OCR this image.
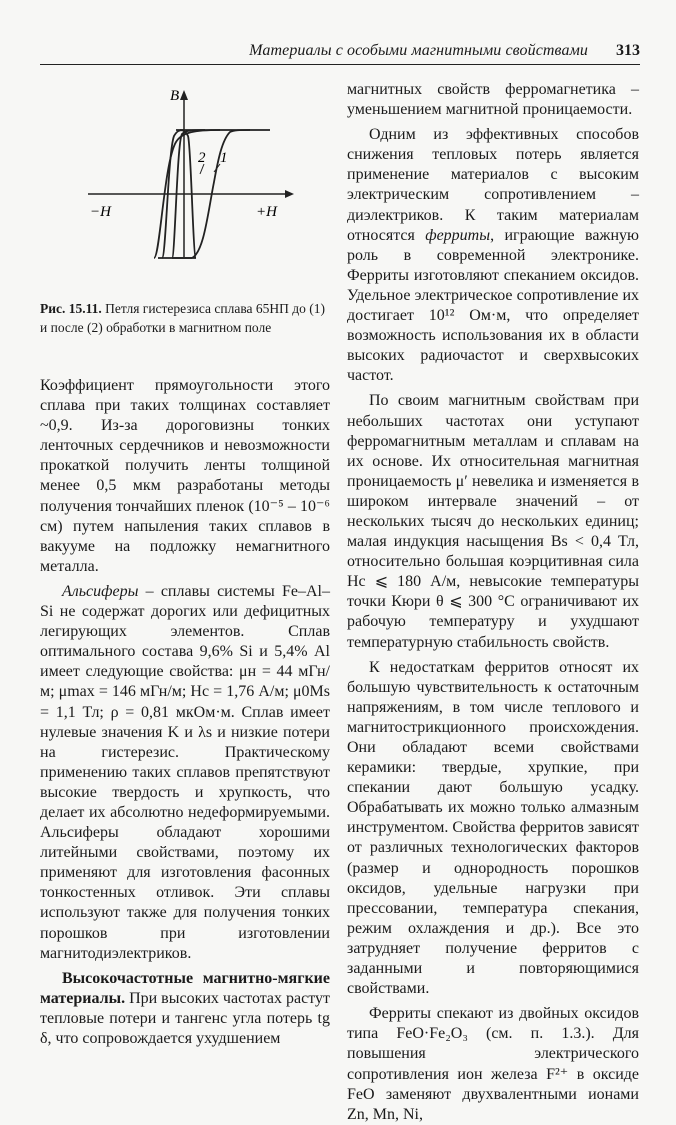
Материалы с особыми магнитными свойствами 313
2 1
B
−H	+H
Рис. 15.11. Петля гистерезиса сплава 65НП до (1) и после (2) обработки в магнитном поле

Коэффициент прямоугольности этого сплава при таких толщинах составляет ~0,9. Из-за дороговизны тонких ленточных сердечников и невозможности прокаткой получить ленты толщиной менее 0,5 мкм разработаны методы получения тончайших пленок (10⁻⁵ – 10⁻⁶ см) путем напыления таких сплавов в вакууме на подложку немагнитного металла.

Альсиферы – сплавы системы Fe–Al–Si не содержат дорогих или дефицитных легирующих элементов. Сплав оптимального состава 9,6% Si и 5,4% Al имеет следующие свойства: μн = 44 мГн/м; μmax = 146 мГн/м; Hc = 1,76 А/м; μ0Ms = 1,1 Тл; ρ = 0,81 мкОм·м. Сплав имеет нулевые значения K и λs и низкие потери на гистерезис. Практическому применению таких сплавов препятствуют высокие твердость и хрупкость, что делает их абсолютно недеформируемыми. Альсиферы обладают хорошими литейными свойствами, поэтому их применяют для изготовления фасонных тонкостенных отливок. Эти сплавы используют также для получения тонких порошков при изготовлении магнитодиэлектриков.

Высокочастотные магнитно-мягкие материалы. При высоких частотах растут тепловые потери и тангенс угла потерь tg δ, что сопровождается ухудшением

магнитных свойств ферромагнетика – уменьшением магнитной проницаемости.

Одним из эффективных способов снижения тепловых потерь является применение материалов с высоким электрическим сопротивлением – диэлектриков. К таким материалам относятся ферриты, играющие важную роль в современной электронике. Ферриты изготовляют спеканием оксидов. Удельное электрическое сопротивление их достигает 10¹² Ом·м, что определяет возможность использования их в области высоких радиочастот и сверхвысоких частот.

По своим магнитным свойствам при небольших частотах они уступают ферромагнитным металлам и сплавам на их основе. Их относительная магнитная проницаемость μ′ невелика и изменяется в широком интервале значений – от нескольких тысяч до нескольких единиц; малая индукция насыщения Bs < 0,4 Тл, относительно большая коэрцитивная сила Hc ⩽ 180 А/м, невысокие температуры точки Кюри θ ⩽ 300 °C ограничивают их рабочую температуру и ухудшают температурную стабильность свойств.

К недостаткам ферритов относят их большую чувствительность к остаточным напряжениям, в том числе теплового и магнитострикционного происхождения. Они обладают всеми свойствами керамики: твердые, хрупкие, при спекании дают большую усадку. Обрабатывать их можно только алмазным инструментом. Свойства ферритов зависят от различных технологических факторов (размер и однородность порошков оксидов, удельные нагрузки при прессовании, температура спекания, режим охлаждения и др.). Все это затрудняет получение ферритов с заданными и повторяющимися свойствами.

Ферриты спекают из двойных оксидов типа FeO·Fe₂O₃ (см. п. 1.3.). Для повышения электрического сопротивления ион железа F²⁺ в оксиде FeO заменяют двухвалентными ионами Zn, Mn, Ni,
